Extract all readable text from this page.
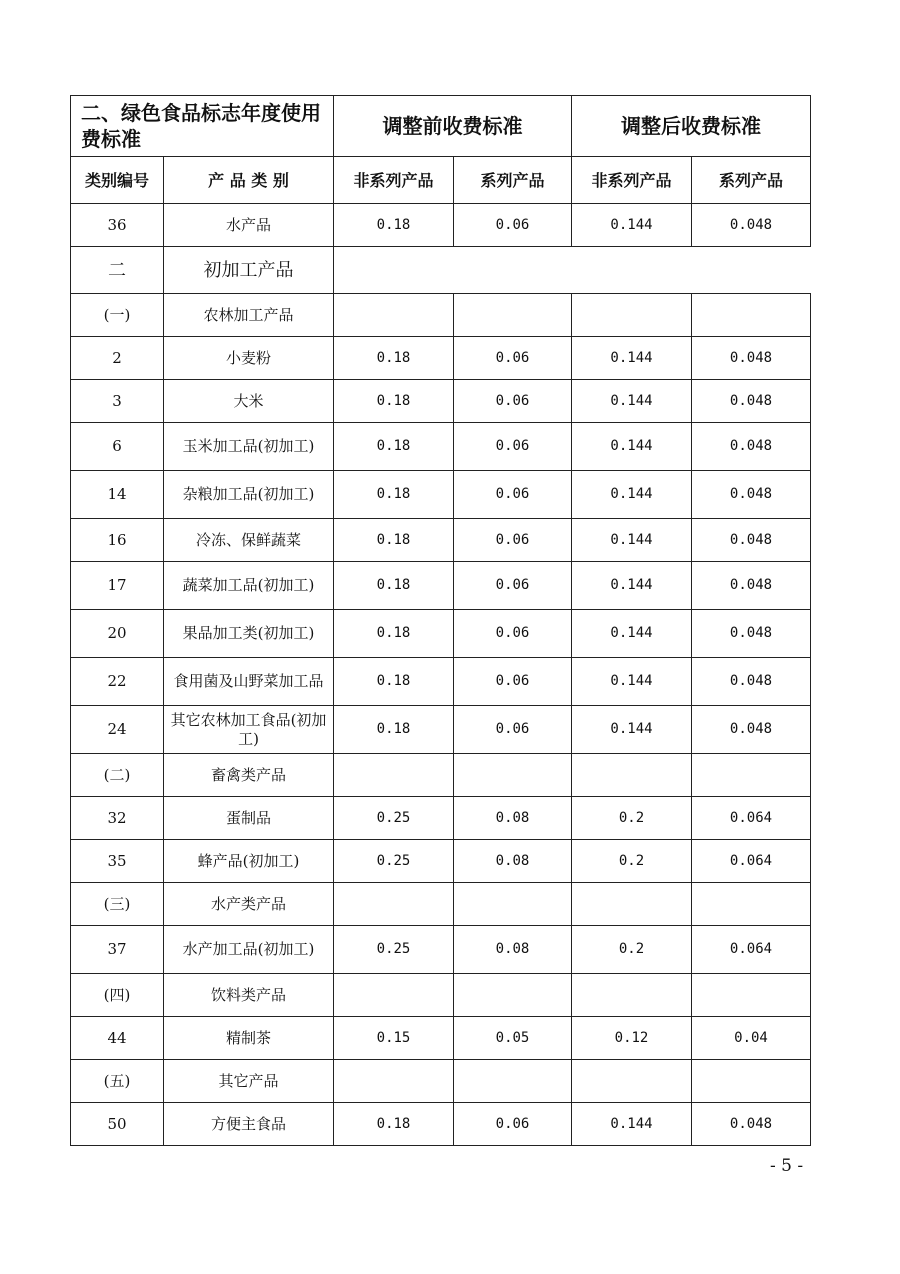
二、绿色食品标志年度使用费标准		调整前收费标准		调整后收费标准	
类别编号	产 品 类 别	非系列产品	系列产品	非系列产品	系列产品
36	水产品	0.18	0.06	0.144	0.048
二	初加工产品				
(一)	农林加工产品				
2	小麦粉	0.18	0.06	0.144	0.048
3	大米	0.18	0.06	0.144	0.048
6	玉米加工品(初加工)	0.18	0.06	0.144	0.048
14	杂粮加工品(初加工)	0.18	0.06	0.144	0.048
16	冷冻、保鲜蔬菜	0.18	0.06	0.144	0.048
17	蔬菜加工品(初加工)	0.18	0.06	0.144	0.048
20	果品加工类(初加工)	0.18	0.06	0.144	0.048
22	食用菌及山野菜加工品	0.18	0.06	0.144	0.048
24	其它农林加工食品(初加工)	0.18	0.06	0.144	0.048
(二)	畜禽类产品				
32	蛋制品	0.25	0.08	0.2	0.064
35	蜂产品(初加工)	0.25	0.08	0.2	0.064
(三)	水产类产品				
37	水产加工品(初加工)	0.25	0.08	0.2	0.064
(四)	饮料类产品				
44	精制茶	0.15	0.05	0.12	0.04
(五)	其它产品				
50	方便主食品	0.18	0.06	0.144	0.048
- 5 -
